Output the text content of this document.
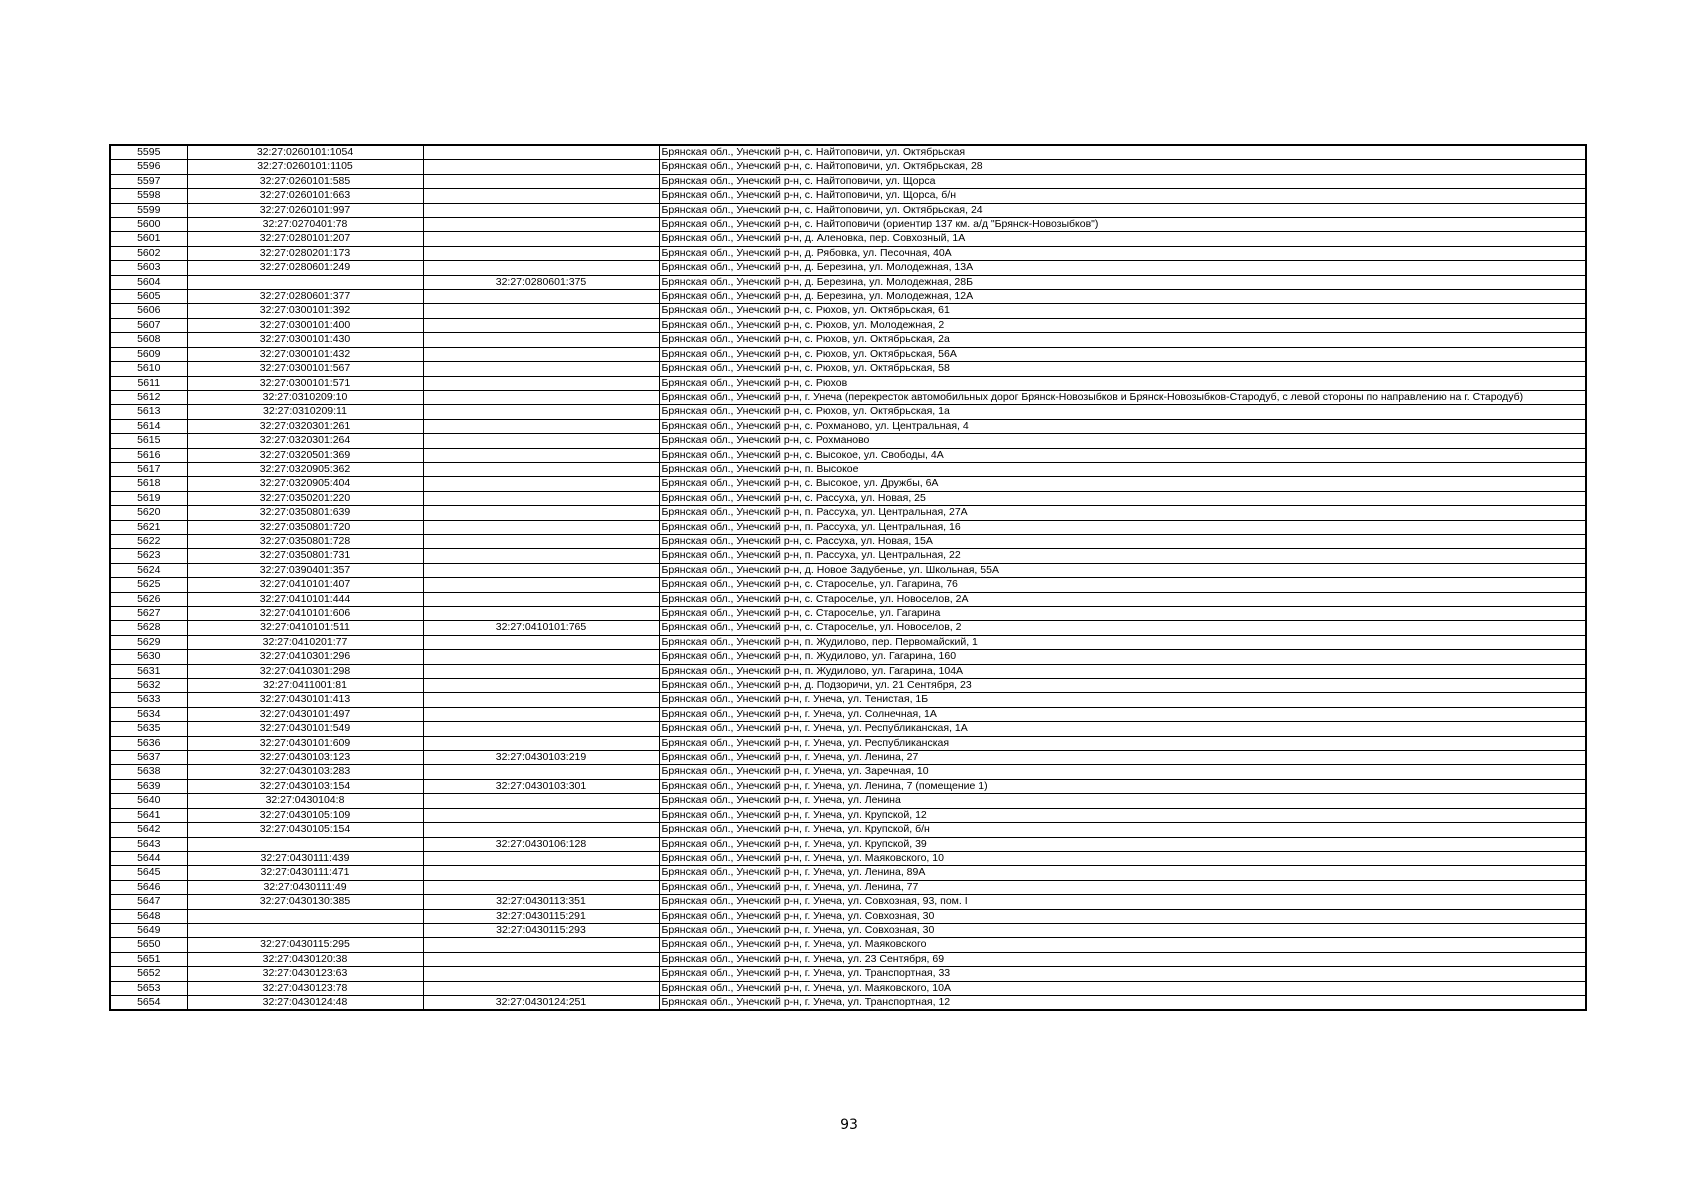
5595	32:27:0260101:1054		Брянская обл., Унечский р-н, с. Найтоповичи, ул. Октябрьская
5596	32:27:0260101:1105		Брянская обл., Унечский р-н, с. Найтоповичи, ул. Октябрьская, 28
5597	32:27:0260101:585		Брянская обл., Унечский р-н, с. Найтоповичи, ул. Щорса
5598	32:27:0260101:663		Брянская обл., Унечский р-н, с. Найтоповичи, ул. Щорса, б/н
5599	32:27:0260101:997		Брянская обл., Унечский р-н, с. Найтоповичи, ул. Октябрьская, 24
5600	32:27:0270401:78		Брянская обл., Унечский р-н, с. Найтоповичи (ориентир 137 км. а/д "Брянск-Новозыбков")
5601	32:27:0280101:207		Брянская обл., Унечский р-н, д. Аленовка, пер. Совхозный, 1А
5602	32:27:0280201:173		Брянская обл., Унечский р-н, д. Рябовка, ул. Песочная, 40А
5603	32:27:0280601:249		Брянская обл., Унечский р-н, д. Березина, ул. Молодежная, 13А
5604		32:27:0280601:375	Брянская обл., Унечский р-н, д. Березина, ул. Молодежная, 28Б
5605	32:27:0280601:377		Брянская обл., Унечский р-н, д. Березина, ул. Молодежная, 12А
5606	32:27:0300101:392		Брянская обл., Унечский р-н, с. Рюхов, ул. Октябрьская, 61
5607	32:27:0300101:400		Брянская обл., Унечский р-н, с. Рюхов, ул. Молодежная, 2
5608	32:27:0300101:430		Брянская обл., Унечский р-н, с. Рюхов, ул. Октябрьская, 2а
5609	32:27:0300101:432		Брянская обл., Унечский р-н, с. Рюхов, ул. Октябрьская, 56А
5610	32:27:0300101:567		Брянская обл., Унечский р-н, с. Рюхов, ул. Октябрьская, 58
5611	32:27:0300101:571		Брянская обл., Унечский р-н, с. Рюхов
5612	32:27:0310209:10		Брянская обл., Унечский р-н, г. Унеча (перекресток автомобильных дорог Брянск-Новозыбков и Брянск-Новозыбков-Стародуб, с левой стороны по направлению на г. Стародуб)
5613	32:27:0310209:11		Брянская обл., Унечский р-н, с. Рюхов, ул. Октябрьская, 1а
5614	32:27:0320301:261		Брянская обл., Унечский р-н, с. Рохманово, ул. Центральная, 4
5615	32:27:0320301:264		Брянская обл., Унечский р-н, с. Рохманово
5616	32:27:0320501:369		Брянская обл., Унечский р-н, с. Высокое, ул. Свободы, 4А
5617	32:27:0320905:362		Брянская обл., Унечский р-н, п. Высокое
5618	32:27:0320905:404		Брянская обл., Унечский р-н, с. Высокое, ул. Дружбы, 6А
5619	32:27:0350201:220		Брянская обл., Унечский р-н, с. Рассуха, ул. Новая, 25
5620	32:27:0350801:639		Брянская обл., Унечский р-н, п. Рассуха, ул. Центральная, 27А
5621	32:27:0350801:720		Брянская обл., Унечский р-н, п. Рассуха, ул. Центральная, 16
5622	32:27:0350801:728		Брянская обл., Унечский р-н, с. Рассуха, ул. Новая, 15А
5623	32:27:0350801:731		Брянская обл., Унечский р-н, п. Рассуха, ул. Центральная, 22
5624	32:27:0390401:357		Брянская обл., Унечский р-н, д. Новое Задубенье, ул. Школьная, 55А
5625	32:27:0410101:407		Брянская обл., Унечский р-н, с. Староселье, ул. Гагарина, 76
5626	32:27:0410101:444		Брянская обл., Унечский р-н, с. Староселье, ул. Новоселов, 2А
5627	32:27:0410101:606		Брянская обл., Унечский р-н, с. Староселье, ул. Гагарина
5628	32:27:0410101:511	32:27:0410101:765	Брянская обл., Унечский р-н, с. Староселье, ул. Новоселов, 2
5629	32:27:0410201:77		Брянская обл., Унечский р-н, п. Жудилово, пер. Первомайский, 1
5630	32:27:0410301:296		Брянская обл., Унечский р-н, п. Жудилово, ул. Гагарина, 160
5631	32:27:0410301:298		Брянская обл., Унечский р-н, п. Жудилово, ул. Гагарина, 104А
5632	32:27:0411001:81		Брянская обл., Унечский р-н, д. Подзоричи, ул. 21 Сентября, 23
5633	32:27:0430101:413		Брянская обл., Унечский р-н, г. Унеча, ул. Тенистая, 1Б
5634	32:27:0430101:497		Брянская обл., Унечский р-н, г. Унеча, ул. Солнечная, 1А
5635	32:27:0430101:549		Брянская обл., Унечский р-н, г. Унеча, ул. Республиканская, 1А
5636	32:27:0430101:609		Брянская обл., Унечский р-н, г. Унеча, ул. Республиканская
5637	32:27:0430103:123	32:27:0430103:219	Брянская обл., Унечский р-н, г. Унеча, ул. Ленина, 27
5638	32:27:0430103:283		Брянская обл., Унечский р-н, г. Унеча, ул. Заречная, 10
5639	32:27:0430103:154	32:27:0430103:301	Брянская обл., Унечский р-н, г. Унеча, ул. Ленина, 7 (помещение 1)
5640	32:27:0430104:8		Брянская обл., Унечский р-н, г. Унеча, ул. Ленина
5641	32:27:0430105:109		Брянская обл., Унечский р-н, г. Унеча, ул. Крупской, 12
5642	32:27:0430105:154		Брянская обл., Унечский р-н, г. Унеча, ул. Крупской, б/н
5643		32:27:0430106:128	Брянская обл., Унечский р-н, г. Унеча, ул. Крупской, 39
5644	32:27:0430111:439		Брянская обл., Унечский р-н, г. Унеча, ул. Маяковского, 10
5645	32:27:0430111:471		Брянская обл., Унечский р-н, г. Унеча, ул. Ленина, 89А
5646	32:27:0430111:49		Брянская обл., Унечский р-н, г. Унеча, ул. Ленина, 77
5647	32:27:0430130:385	32:27:0430113:351	Брянская обл., Унечский р-н, г. Унеча, ул. Совхозная, 93, пом. I
5648		32:27:0430115:291	Брянская обл., Унечский р-н, г. Унеча, ул. Совхозная, 30
5649		32:27:0430115:293	Брянская обл., Унечский р-н, г. Унеча, ул. Совхозная, 30
5650	32:27:0430115:295		Брянская обл., Унечский р-н, г. Унеча, ул. Маяковского
5651	32:27:0430120:38		Брянская обл., Унечский р-н, г. Унеча, ул. 23 Сентября, 69
5652	32:27:0430123:63		Брянская обл., Унечский р-н, г. Унеча, ул. Транспортная, 33
5653	32:27:0430123:78		Брянская обл., Унечский р-н, г. Унеча, ул. Маяковского, 10А
5654	32:27:0430124:48	32:27:0430124:251	Брянская обл., Унечский р-н, г. Унеча, ул. Транспортная, 12
93
